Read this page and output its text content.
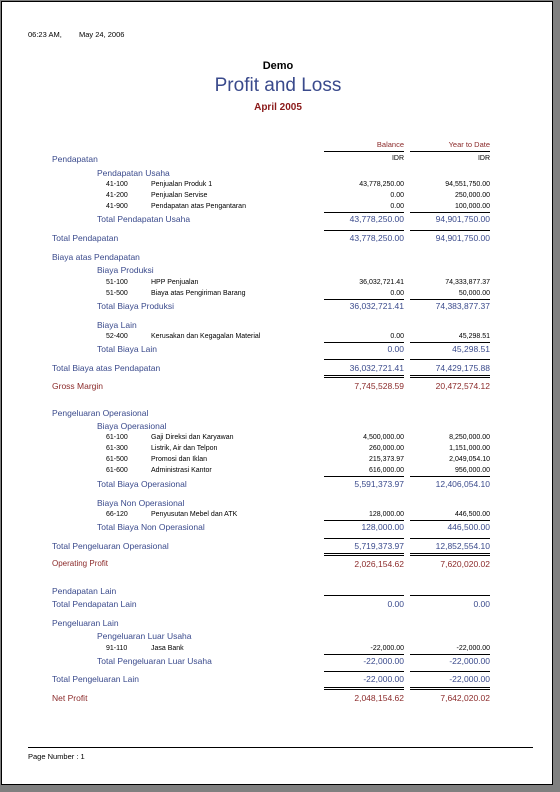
06:23 AM, May 24, 2006
Demo
Profit and Loss
April 2005
Balance	Year to Date
IDR	IDR
Pendapatan
Pendapatan Usaha
41-100	Penjualan Produk 1	43,778,250.00	94,551,750.00
41-200	Penjualan Servise	0.00	250,000.00
41-900	Pendapatan atas Pengantaran	0.00	100,000.00
Total Pendapatan Usaha	43,778,250.00	94,901,750.00
Total Pendapatan	43,778,250.00	94,901,750.00
Biaya atas Pendapatan
Biaya Produksi
51-100	HPP Penjualan	36,032,721.41	74,333,877.37
51-500	Biaya atas Pengiriman Barang	0.00	50,000.00
Total Biaya Produksi	36,032,721.41	74,383,877.37
Biaya Lain
52-400	Kerusakan dan Kegagalan Material	0.00	45,298.51
Total Biaya Lain	0.00	45,298.51
Total Biaya atas Pendapatan	36,032,721.41	74,429,175.88
Gross Margin	7,745,528.59	20,472,574.12
Pengeluaran Operasional
Biaya Operasional
61-100	Gaji Direksi dan Karyawan	4,500,000.00	8,250,000.00
61-300	Listrik, Air dan Telpon	260,000.00	1,151,000.00
61-500	Promosi dan Iklan	215,373.97	2,049,054.10
61-600	Administrasi Kantor	616,000.00	956,000.00
Total Biaya Operasional	5,591,373.97	12,406,054.10
Biaya Non Operasional
66-120	Penyusutan Mebel dan ATK	128,000.00	446,500.00
Total Biaya Non Operasional	128,000.00	446,500.00
Total Pengeluaran Operasional	5,719,373.97	12,852,554.10
Operating Profit	2,026,154.62	7,620,020.02
Pendapatan Lain
Total Pendapatan Lain	0.00	0.00
Pengeluaran Lain
Pengeluaran Luar Usaha
91-110	Jasa Bank	-22,000.00	-22,000.00
Total Pengeluaran Luar Usaha	-22,000.00	-22,000.00
Total Pengeluaran Lain	-22,000.00	-22,000.00
Net Profit	2,048,154.62	7,642,020.02
Page Number : 1
